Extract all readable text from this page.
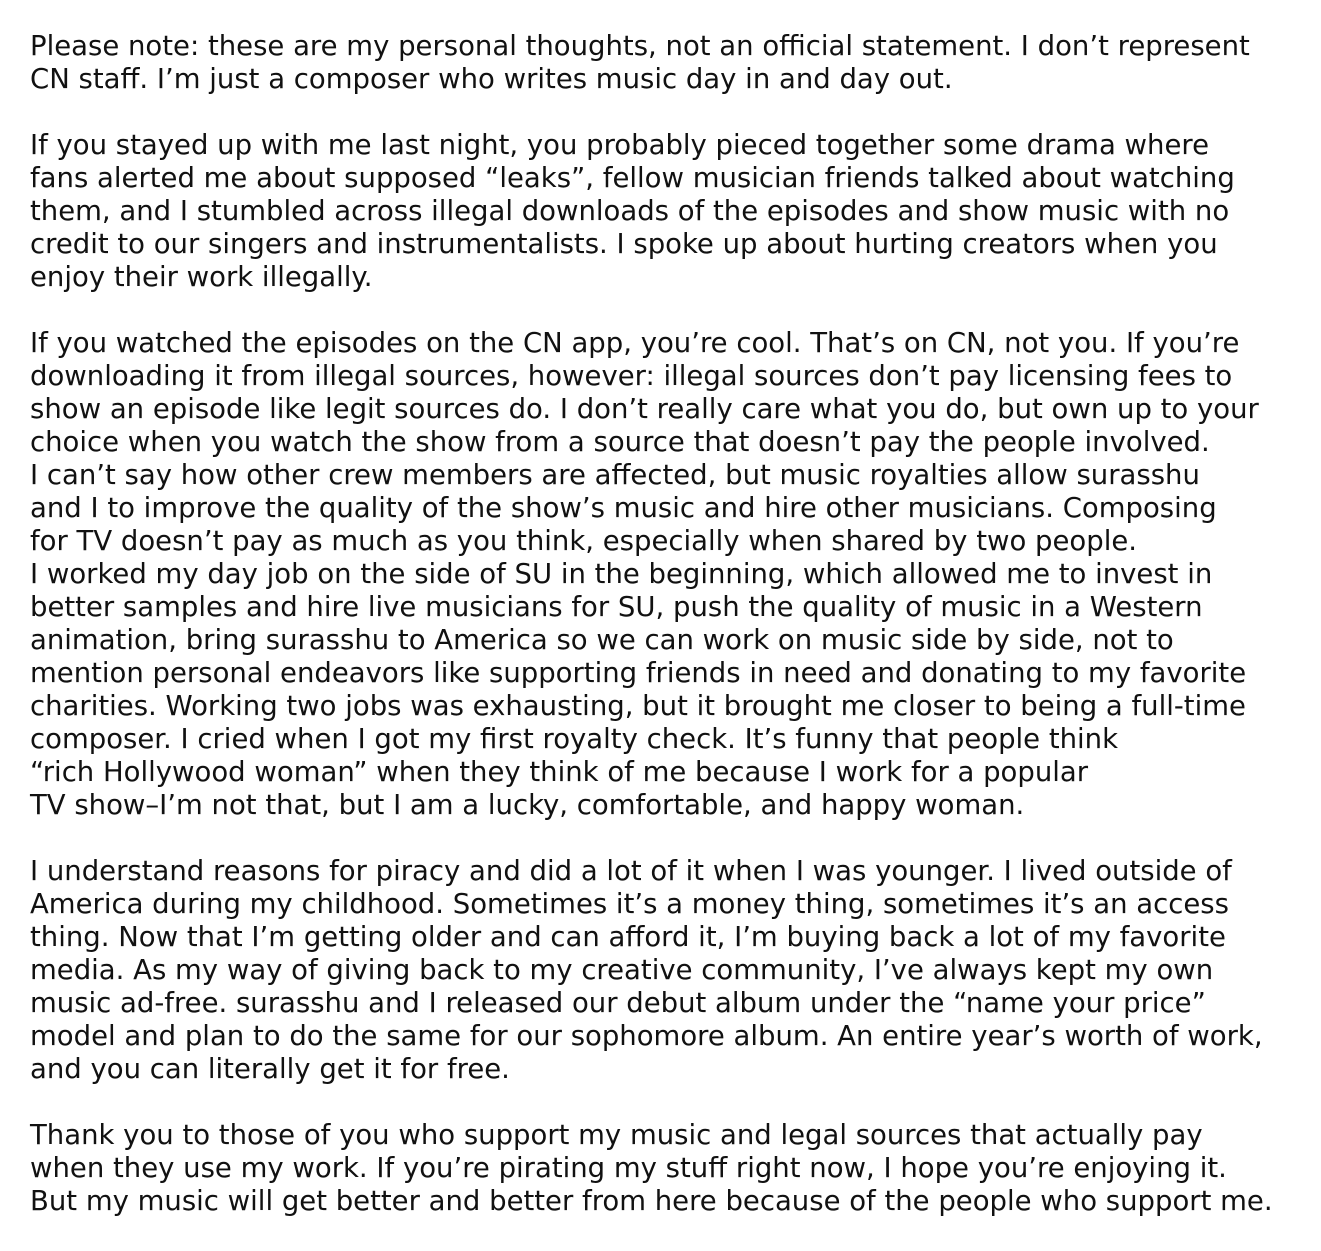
Please note: these are my personal thoughts, not an official statement. I don’t represent
CN staff. I’m just a composer who writes music day in and day out.

If you stayed up with me last night, you probably pieced together some drama where
fans alerted me about supposed “leaks”, fellow musician friends talked about watching
them, and I stumbled across illegal downloads of the episodes and show music with no
credit to our singers and instrumentalists. I spoke up about hurting creators when you
enjoy their work illegally.

If you watched the episodes on the CN app, you’re cool. That’s on CN, not you. If you’re
downloading it from illegal sources, however: illegal sources don’t pay licensing fees to
show an episode like legit sources do. I don’t really care what you do, but own up to your
choice when you watch the show from a source that doesn’t pay the people involved.
I can’t say how other crew members are affected, but music royalties allow surasshu
and I to improve the quality of the show’s music and hire other musicians. Composing
for TV doesn’t pay as much as you think, especially when shared by two people.
I worked my day job on the side of SU in the beginning, which allowed me to invest in
better samples and hire live musicians for SU, push the quality of music in a Western
animation, bring surasshu to America so we can work on music side by side, not to
mention personal endeavors like supporting friends in need and donating to my favorite
charities. Working two jobs was exhausting, but it brought me closer to being a full-time
composer. I cried when I got my first royalty check. It’s funny that people think
“rich Hollywood woman” when they think of me because I work for a popular
TV show–I’m not that, but I am a lucky, comfortable, and happy woman.

I understand reasons for piracy and did a lot of it when I was younger. I lived outside of
America during my childhood. Sometimes it’s a money thing, sometimes it’s an access
thing. Now that I’m getting older and can afford it, I’m buying back a lot of my favorite
media. As my way of giving back to my creative community, I’ve always kept my own
music ad-free. surasshu and I released our debut album under the “name your price”
model and plan to do the same for our sophomore album. An entire year’s worth of work,
and you can literally get it for free.

Thank you to those of you who support my music and legal sources that actually pay
when they use my work. If you’re pirating my stuff right now, I hope you’re enjoying it.
But my music will get better and better from here because of the people who support me.
